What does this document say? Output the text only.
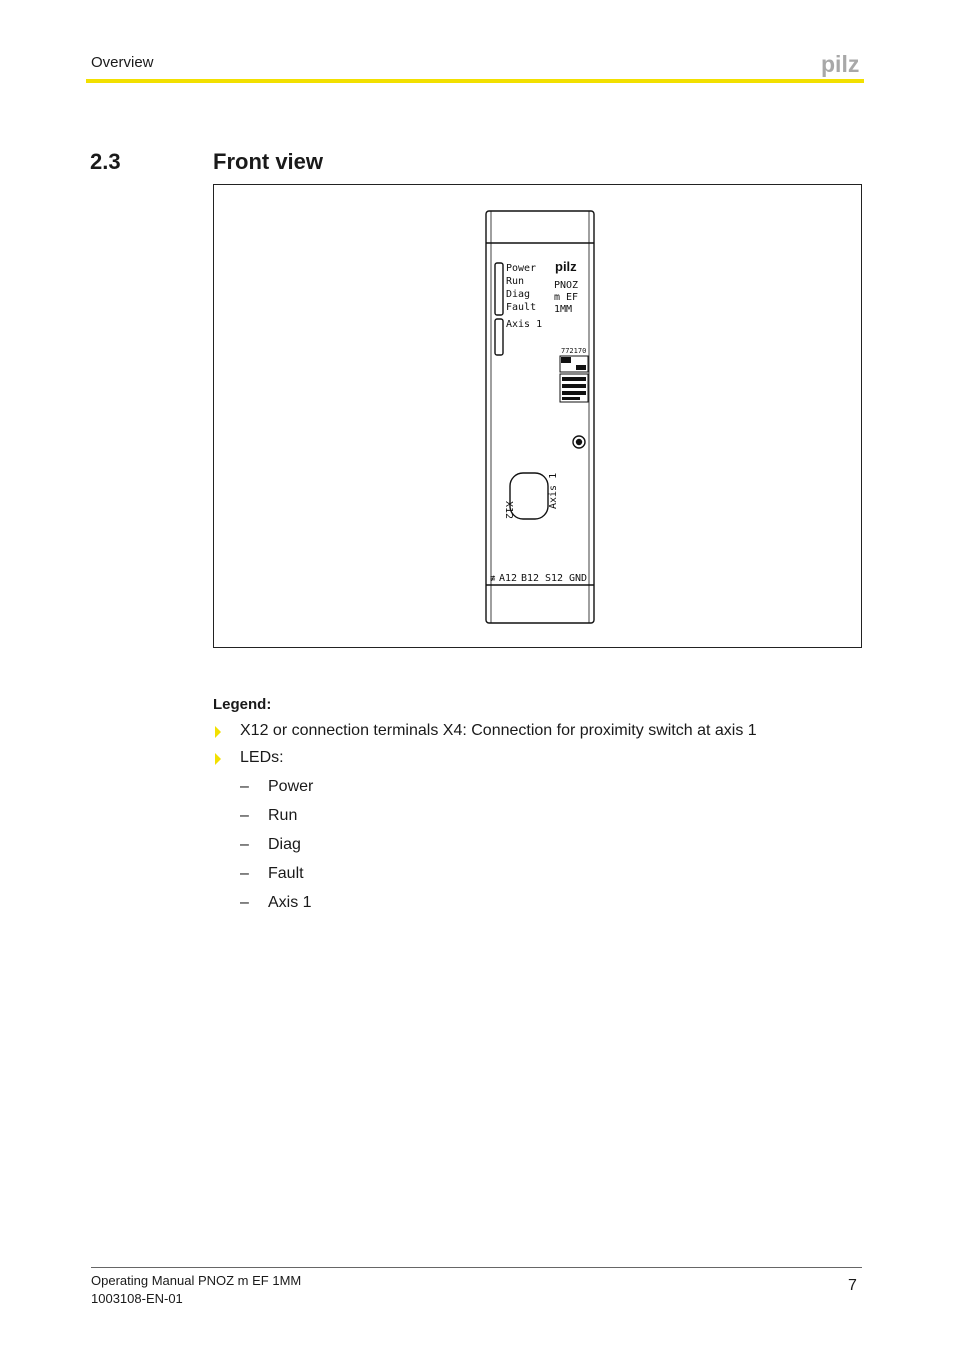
Overview	pilz
2.3	Front view
Power
Run
Diag
Fault
Axis 1
pilz
PNOZ
m EF
1MM
772170
X12
Axis 1
≢ A12 B12 S12 GND
Legend:
X12 or connection terminals X4: Connection for proximity switch at axis 1
LEDs:
– Power
– Run
– Diag
– Fault
– Axis 1
Operating Manual PNOZ m EF 1MM
1003108-EN-01
7
